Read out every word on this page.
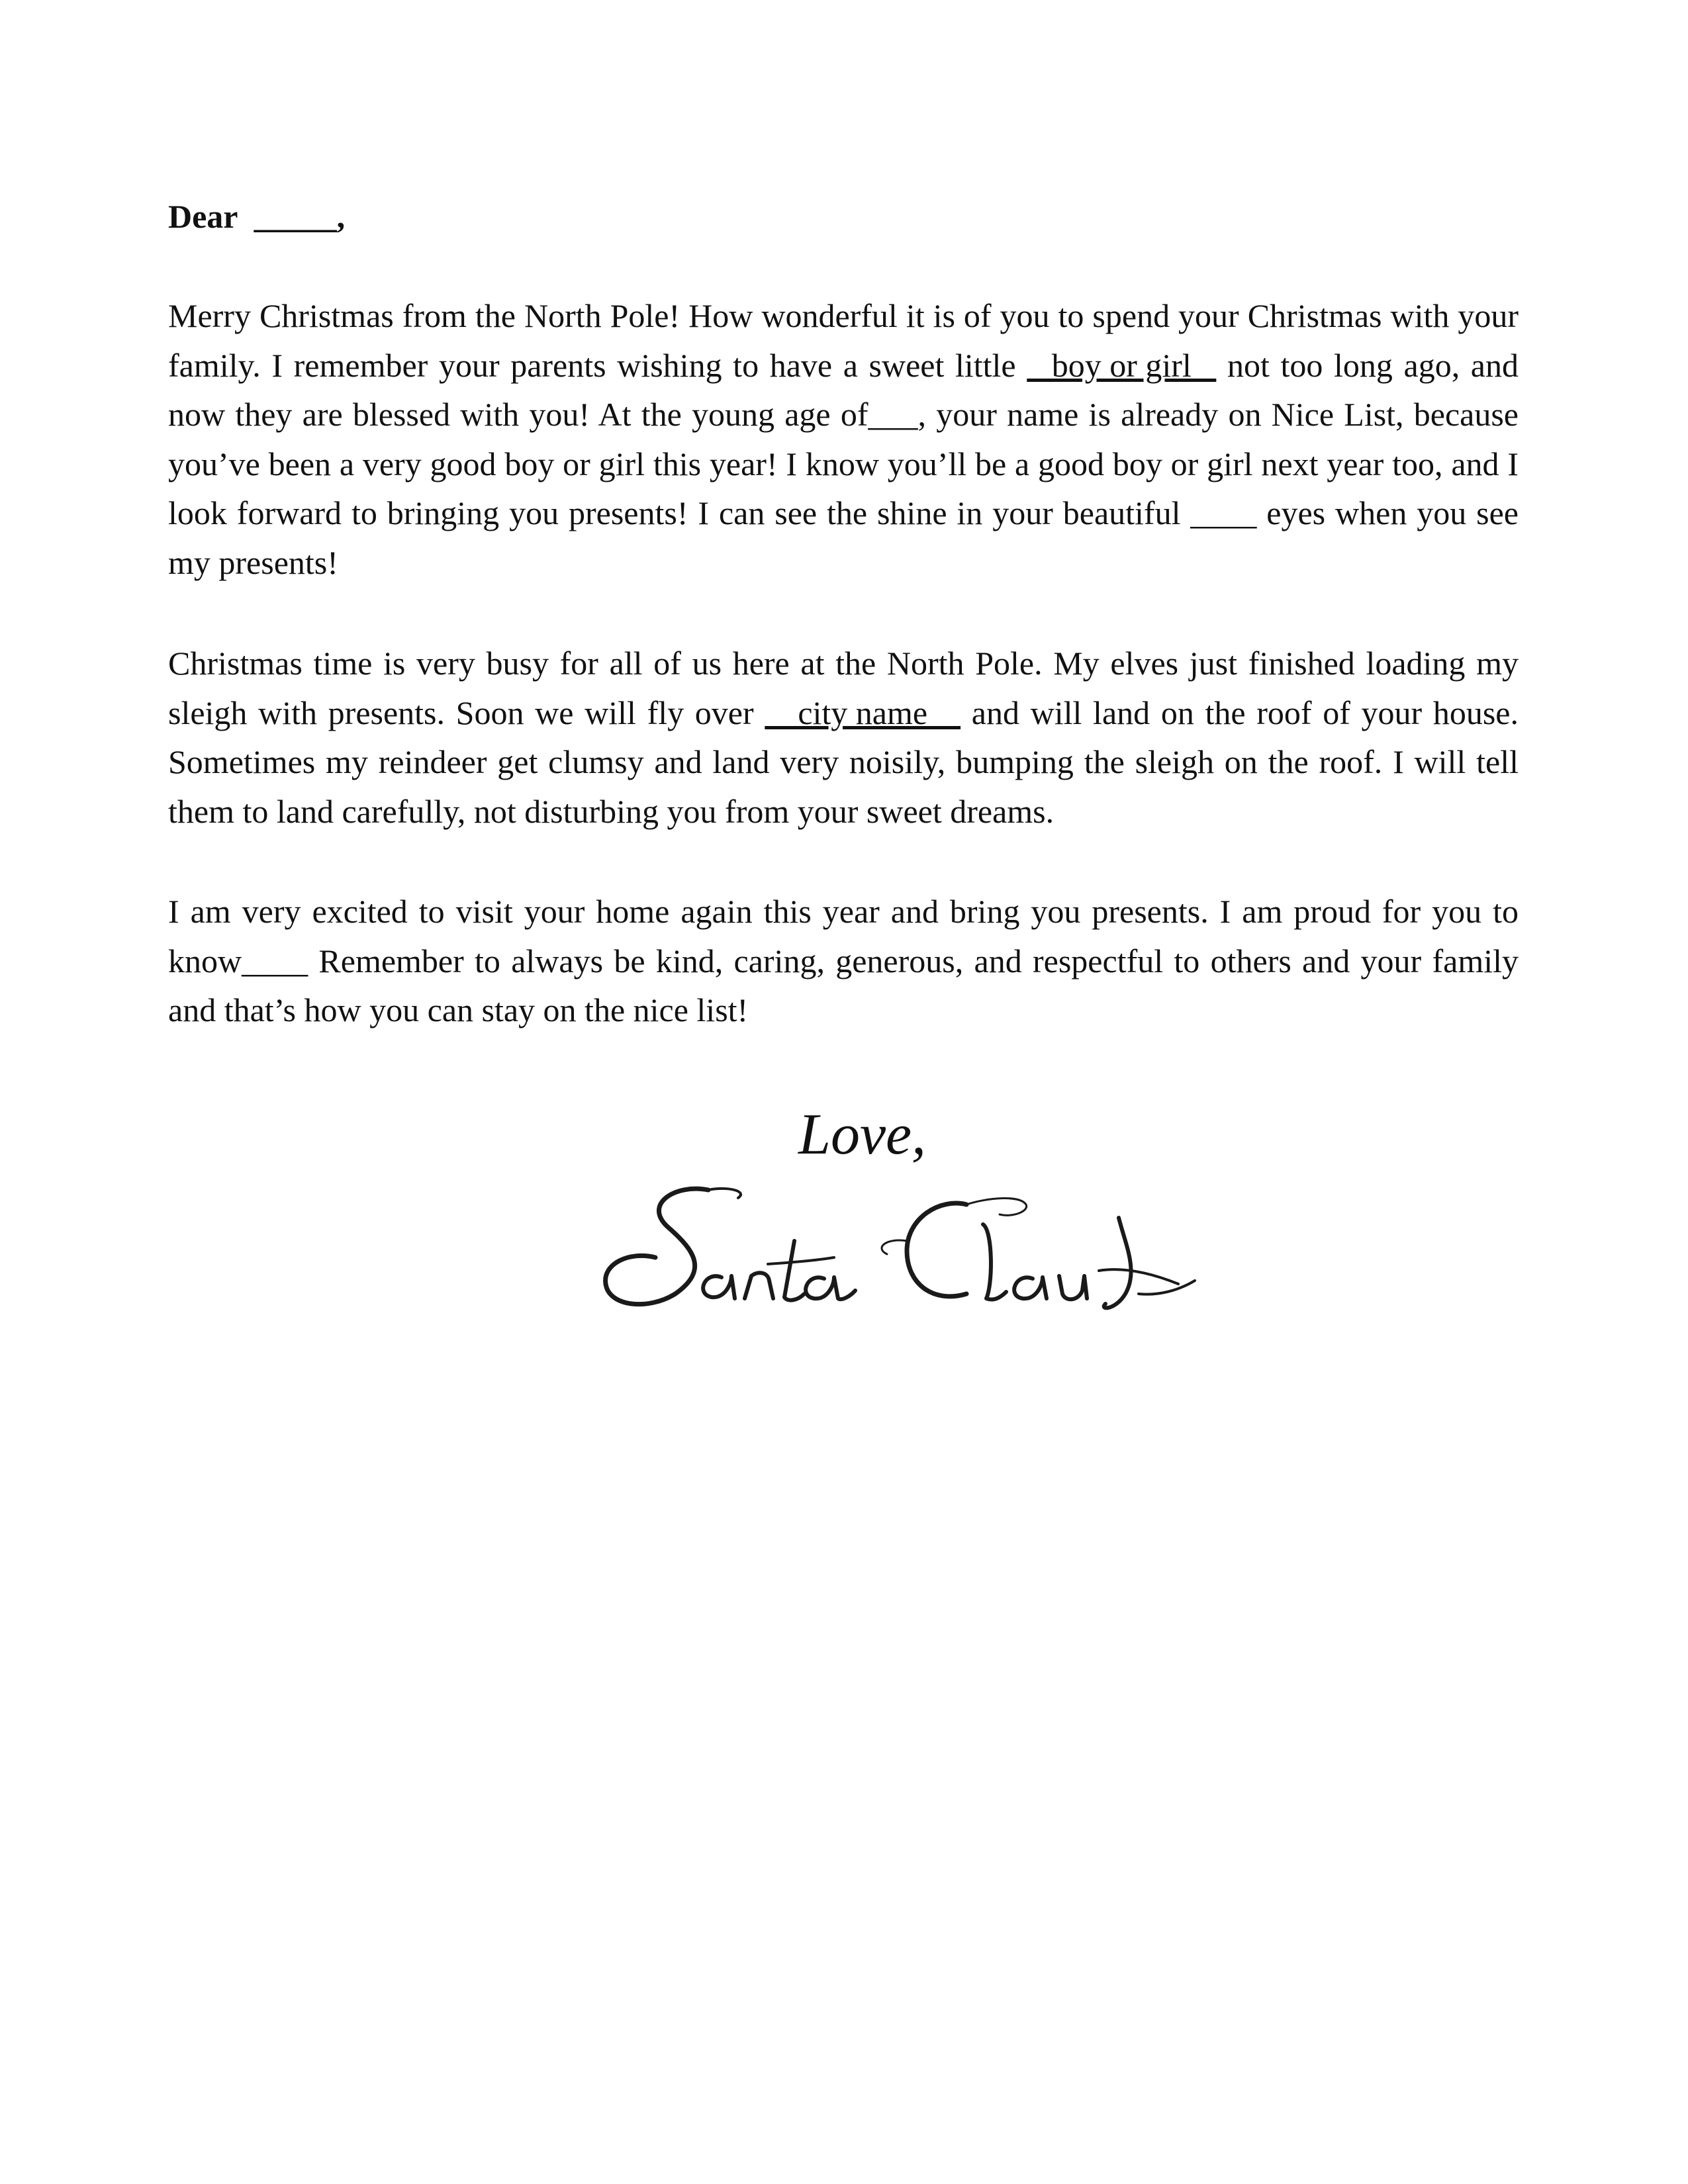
Dear  _____,

Merry Christmas from the North Pole! How wonderful it is of you to spend your Christmas with your family. I remember your parents wishing to have a sweet little    boy or girl    not too long ago, and now they are blessed with you! At the young age of___, your name is already on Nice List, because you’ve been a very good boy or girl this year! I know you’ll be a good boy or girl next year too, and I look forward to bringing you presents! I can see the shine in your beautiful ____ eyes when you see my presents!

Christmas time is very busy for all of us here at the North Pole. My elves just finished loading my sleigh with presents. Soon we will fly over     city name     and will land on the roof of your house. Sometimes my reindeer get clumsy and land very noisily, bumping the sleigh on the roof. I will tell them to land carefully, not disturbing you from your sweet dreams.

I am very excited to visit your home again this year and bring you presents. I am proud for you to know____ Remember to always be kind, caring, generous, and respectful to others and your family and that’s how you can stay on the nice list!

Love,
Santa Claus
